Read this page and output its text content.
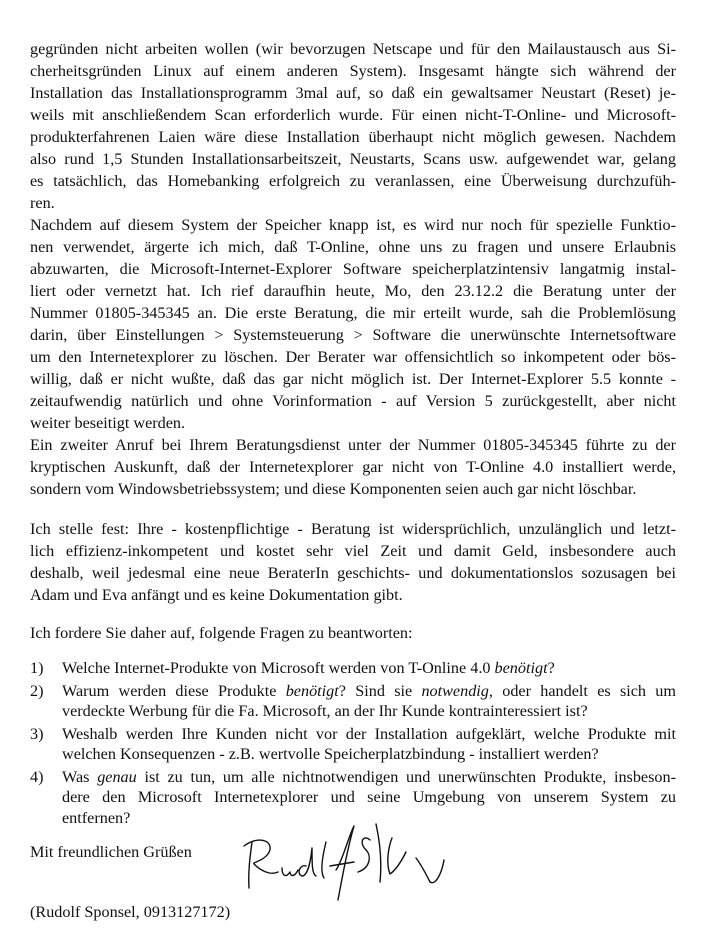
gegründen nicht arbeiten wollen (wir bevorzugen Netscape und für den Mailaustausch aus Si-
cherheitsgründen Linux auf einem anderen System). Insgesamt hängte sich während der
Installation das Installationsprogramm 3mal auf, so daß ein gewaltsamer Neustart (Reset) je-
weils mit anschließendem Scan erforderlich wurde. Für einen nicht-T-Online- und Microsoft-
produkterfahrenen Laien wäre diese Installation überhaupt nicht möglich gewesen. Nachdem
also rund 1,5 Stunden Installationsarbeitszeit, Neustarts, Scans usw. aufgewendet war, gelang
es tatsächlich, das Homebanking erfolgreich zu veranlassen, eine Überweisung durchzufüh-
ren.

Nachdem auf diesem System der Speicher knapp ist, es wird nur noch für spezielle Funktio-
nen verwendet, ärgerte ich mich, daß T-Online, ohne uns zu fragen und unsere Erlaubnis
abzuwarten, die Microsoft-Internet-Explorer Software speicherplatzintensiv langatmig instal-
liert oder vernetzt hat. Ich rief daraufhin heute, Mo, den 23.12.2 die Beratung unter der
Nummer 01805-345345 an. Die erste Beratung, die mir erteilt wurde, sah die Problemlösung
darin, über Einstellungen > Systemsteuerung > Software die unerwünschte Internetsoftware
um den Internetexplorer zu löschen. Der Berater war offensichtlich so inkompetent oder bös-
willig, daß er nicht wußte, daß das gar nicht möglich ist. Der Internet-Explorer 5.5 konnte -
zeitaufwendig natürlich und ohne Vorinformation - auf Version 5 zurückgestellt, aber nicht
weiter beseitigt werden.

Ein zweiter Anruf bei Ihrem Beratungsdienst unter der Nummer 01805-345345 führte zu der
kryptischen Auskunft, daß der Internetexplorer gar nicht von T-Online 4.0 installiert werde,
sondern vom Windowsbetriebssystem; und diese Komponenten seien auch gar nicht löschbar.

Ich stelle fest: Ihre - kostenpflichtige - Beratung ist widersprüchlich, unzulänglich und letzt-
lich effizienz-inkompetent und kostet sehr viel Zeit und damit Geld, insbesondere auch
deshalb, weil jedesmal eine neue BeraterIn geschichts- und dokumentationslos sozusagen bei
Adam und Eva anfängt und es keine Dokumentation gibt.

Ich fordere Sie daher auf, folgende Fragen zu beantworten:

1) Welche Internet-Produkte von Microsoft werden von T-Online 4.0 benötigt?
2) Warum werden diese Produkte benötigt? Sind sie notwendig, oder handelt es sich um
verdeckte Werbung für die Fa. Microsoft, an der Ihr Kunde kontrainteressiert ist?
3) Weshalb werden Ihre Kunden nicht vor der Installation aufgeklärt, welche Produkte mit
welchen Konsequenzen - z.B. wertvolle Speicherplatzbindung - installiert werden?
4) Was genau ist zu tun, um alle nichtnotwendigen und unerwünschten Produkte, insbeson-
dere den Microsoft Internetexplorer und seine Umgebung von unserem System zu
entfernen?
Mit freundlichen Grüßen
(Rudolf Sponsel, 0913127172)
